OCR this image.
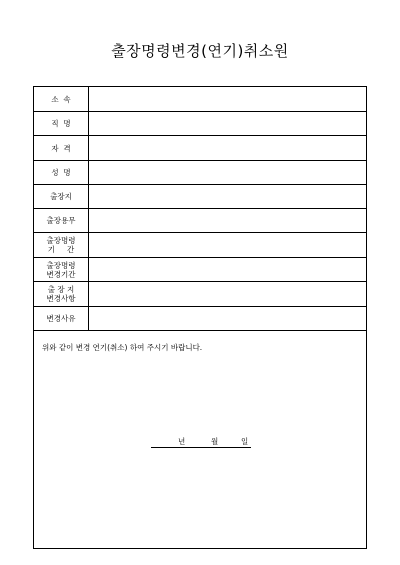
출장명령변경(연기)취소원
소  속
직  명
자  격
성  명
출장지
출장용무
출장명령
기     간
출장명령
변경기간
출 장 지
변경사항
변경사유
위와 같이 변경 연기(취소) 하여 주시기 바랍니다.
년	월	일
